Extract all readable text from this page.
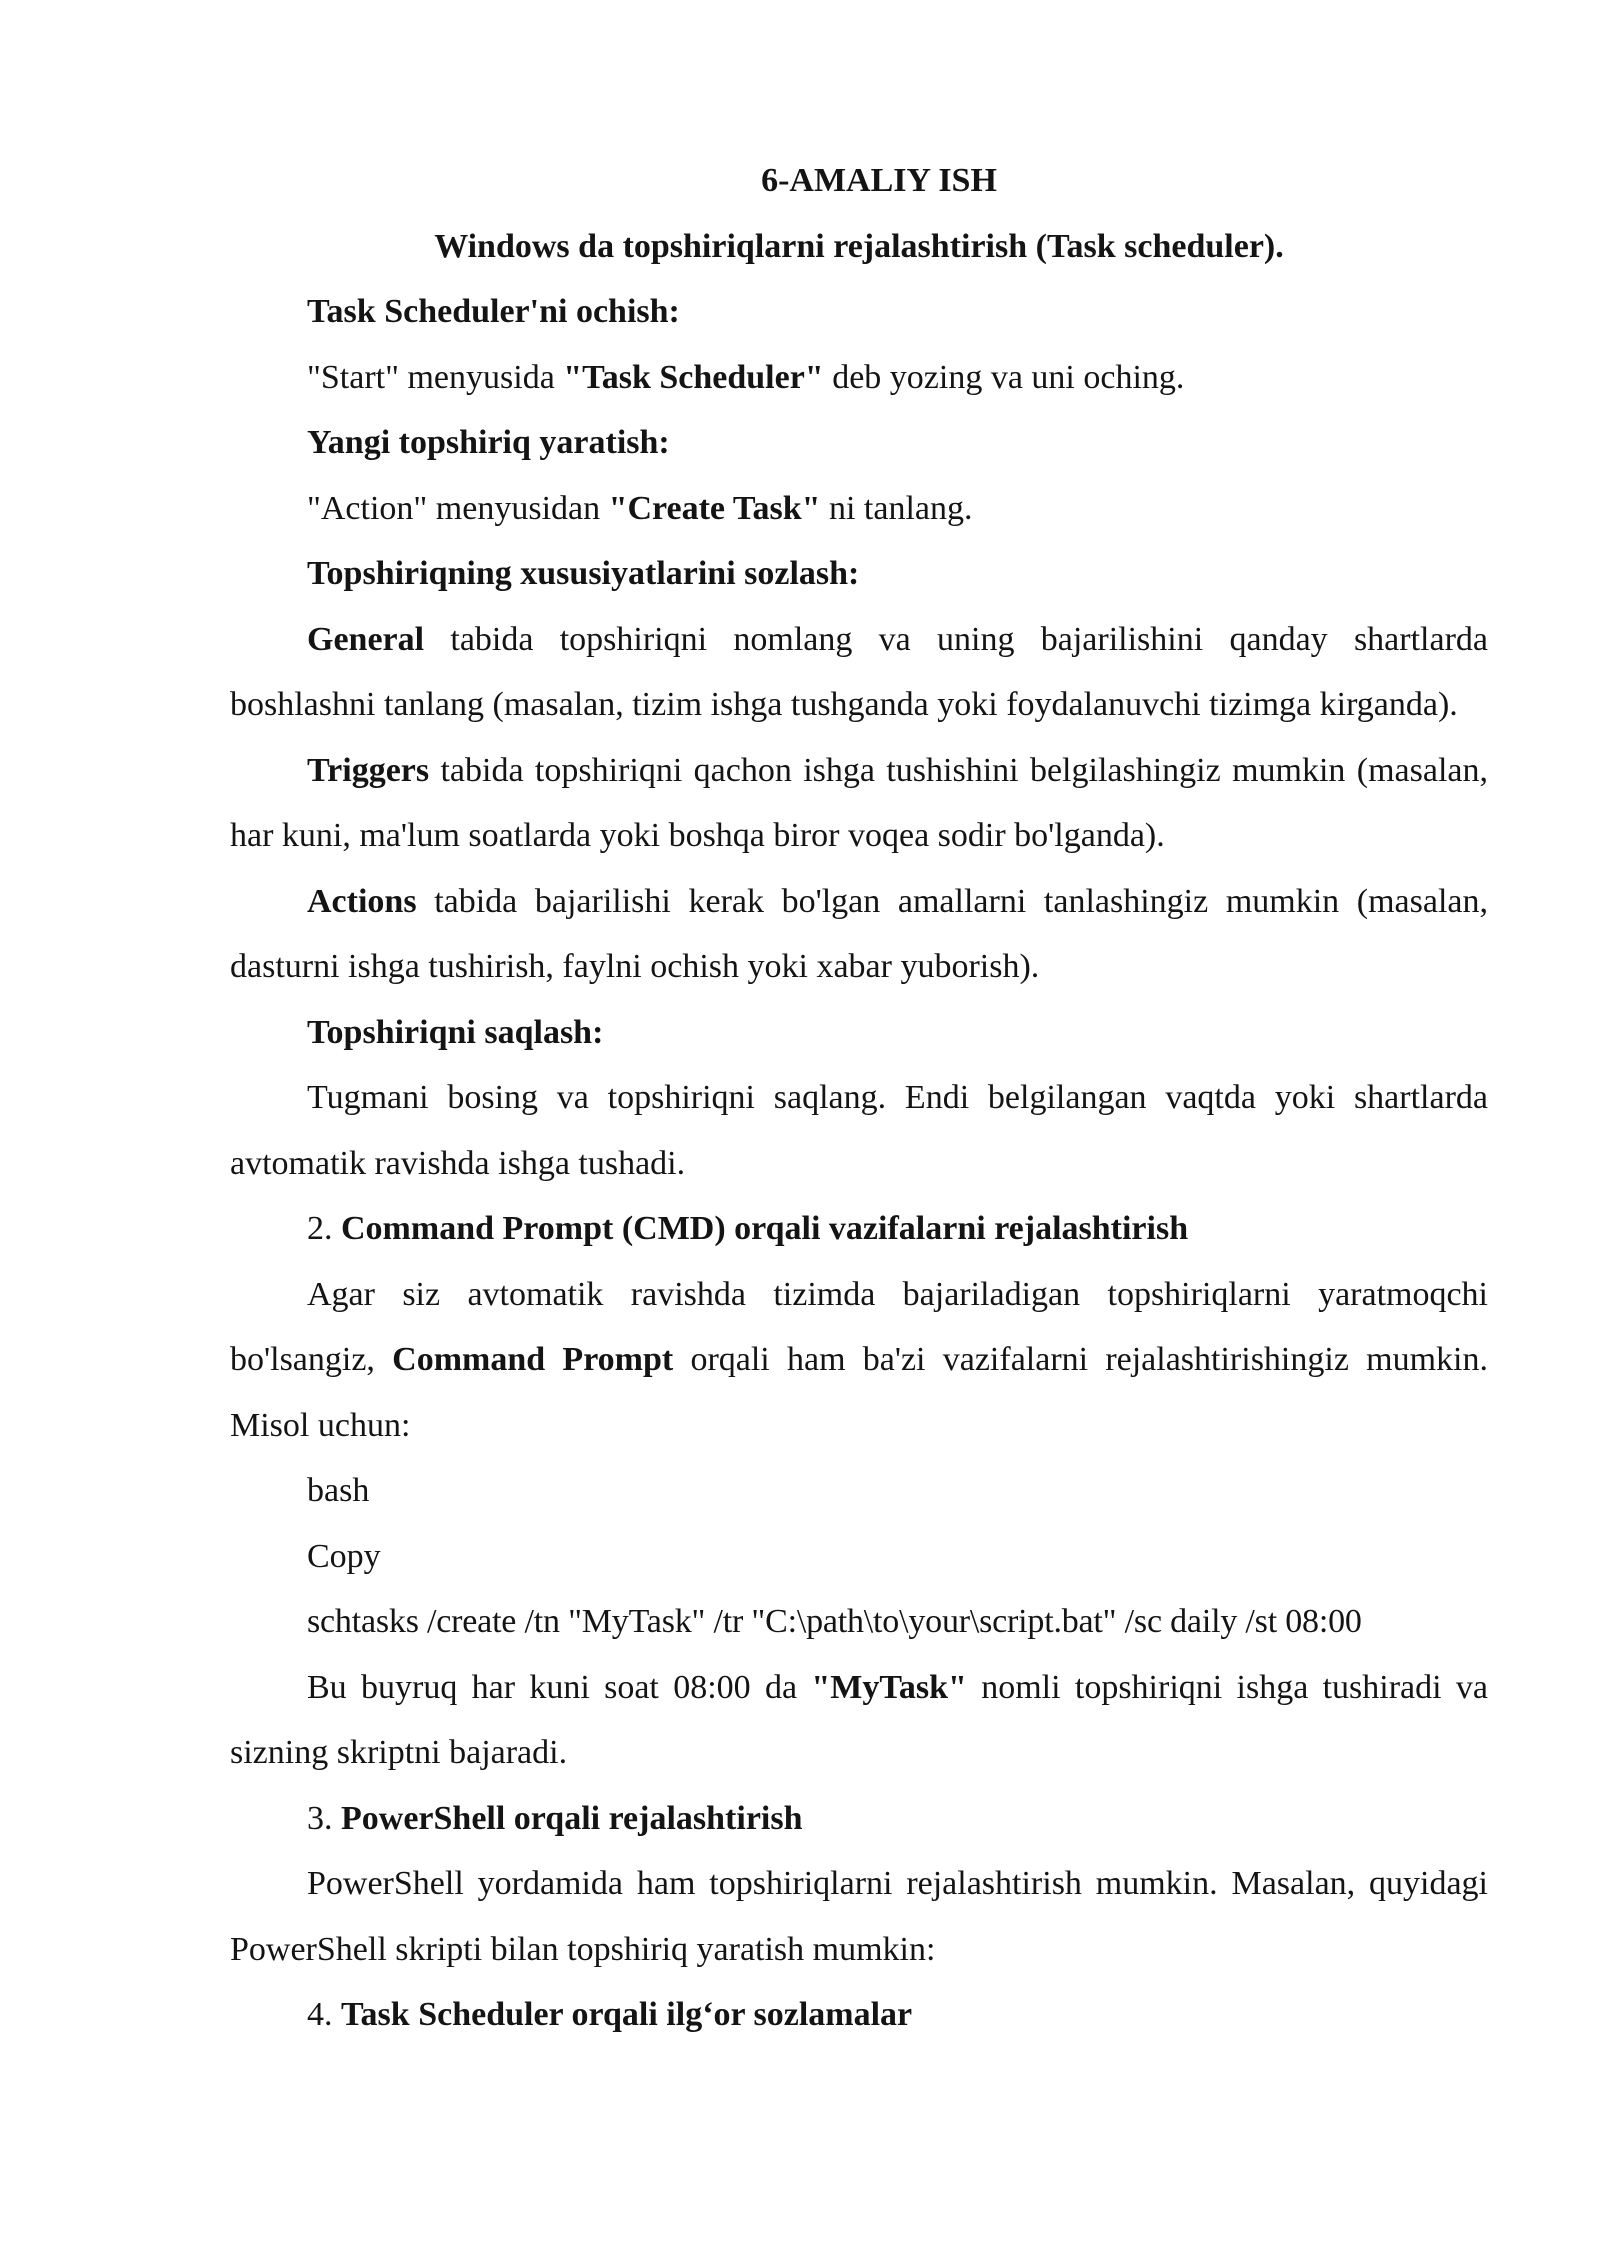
6-AMALIY ISH

Windows da topshiriqlarni rejalashtirish (Task scheduler).

Task Scheduler'ni ochish:

"Start" menyusida "Task Scheduler" deb yozing va uni oching.

Yangi topshiriq yaratish:

"Action" menyusidan "Create Task" ni tanlang.

Topshiriqning xususiyatlarini sozlash:

General tabida topshiriqni nomlang va uning bajarilishini qanday shartlarda boshlashni tanlang (masalan, tizim ishga tushganda yoki foydalanuvchi tizimga kirganda).

Triggers tabida topshiriqni qachon ishga tushishini belgilashingiz mumkin (masalan, har kuni, ma'lum soatlarda yoki boshqa biror voqea sodir bo'lganda).

Actions tabida bajarilishi kerak bo'lgan amallarni tanlashingiz mumkin (masalan, dasturni ishga tushirish, faylni ochish yoki xabar yuborish).

Topshiriqni saqlash:

Tugmani bosing va topshiriqni saqlang. Endi belgilangan vaqtda yoki shartlarda avtomatik ravishda ishga tushadi.

2. Command Prompt (CMD) orqali vazifalarni rejalashtirish

Agar siz avtomatik ravishda tizimda bajariladigan topshiriqlarni yaratmoqchi bo'lsangiz, Command Prompt orqali ham ba'zi vazifalarni rejalashtirishingiz mumkin. Misol uchun:

bash

Copy

schtasks /create /tn "MyTask" /tr "C:\path\to\your\script.bat" /sc daily /st 08:00

Bu buyruq har kuni soat 08:00 da "MyTask" nomli topshiriqni ishga tushiradi va sizning skriptni bajaradi.

3. PowerShell orqali rejalashtirish

PowerShell yordamida ham topshiriqlarni rejalashtirish mumkin. Masalan, quyidagi PowerShell skripti bilan topshiriq yaratish mumkin:

4. Task Scheduler orqali ilg‘or sozlamalar
